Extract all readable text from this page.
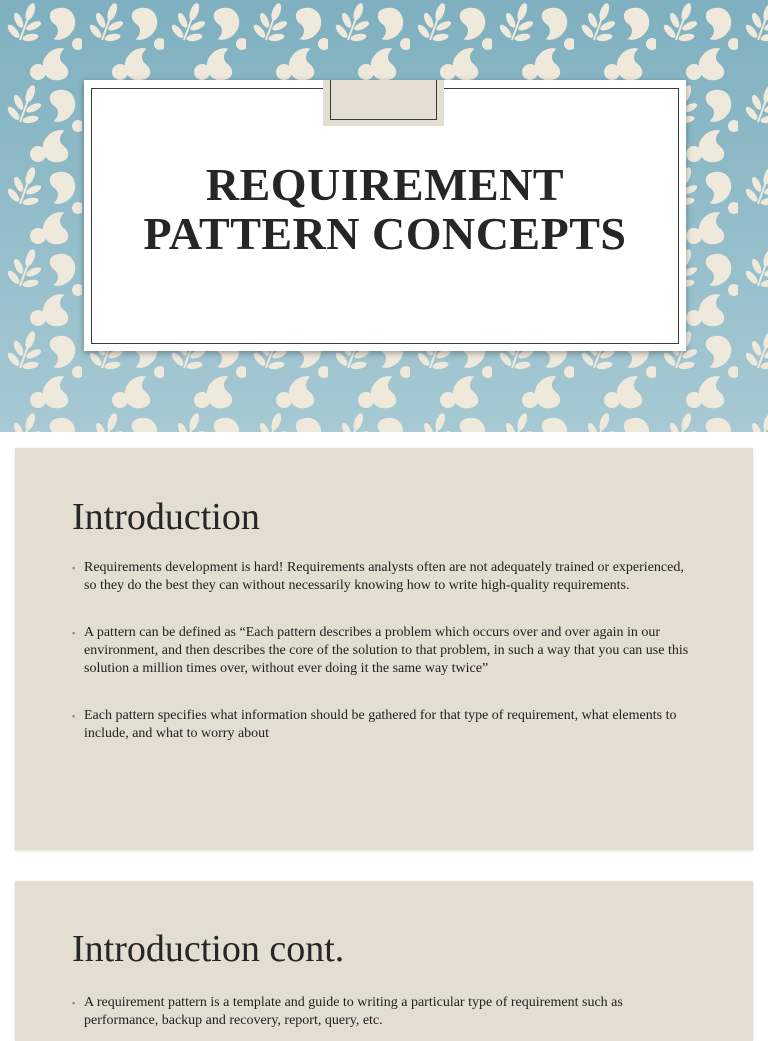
REQUIREMENT
PATTERN CONCEPTS
Introduction
▪ Requirements development is hard! Requirements analysts often are not adequately trained or experienced, so they do the best they can without necessarily knowing how to write high-quality requirements.
▪ A pattern can be defined as “Each pattern describes a problem which occurs over and over again in our environment, and then describes the core of the solution to that problem, in such a way that you can use this solution a million times over, without ever doing it the same way twice”
▪ Each pattern specifies what information should be gathered for that type of requirement, what elements to include, and what to worry about
Introduction cont.
▪ A requirement pattern is a template and guide to writing a particular type of requirement such as performance, backup and recovery, report, query, etc.
